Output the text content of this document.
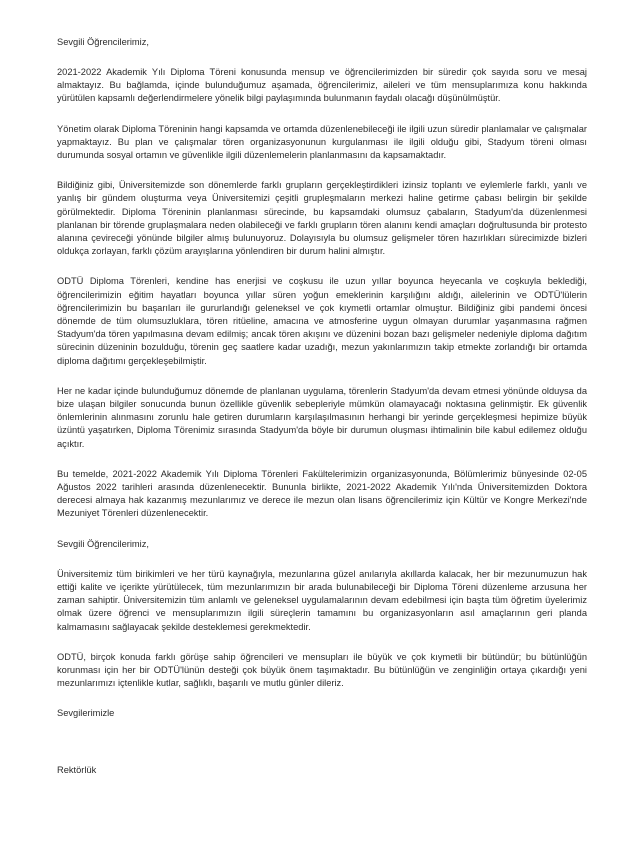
Sevgili Öğrencilerimiz,

2021-2022 Akademik Yılı Diploma Töreni konusunda mensup ve öğrencilerimizden bir süredir çok sayıda soru ve mesaj almaktayız. Bu bağlamda, içinde bulunduğumuz aşamada, öğrencilerimiz, aileleri ve tüm mensuplarımıza konu hakkında yürütülen kapsamlı değerlendirmelere yönelik bilgi paylaşımında bulunmanın faydalı olacağı düşünülmüştür.

Yönetim olarak Diploma Töreninin hangi kapsamda ve ortamda düzenlenebileceği ile ilgili uzun süredir planlamalar ve çalışmalar yapmaktayız. Bu plan ve çalışmalar tören organizasyonunun kurgulanması ile ilgili olduğu gibi, Stadyum töreni olması durumunda sosyal ortamın ve güvenlikle ilgili düzenlemelerin planlanmasını da kapsamaktadır.

Bildiğiniz gibi, Üniversitemizde son dönemlerde farklı grupların gerçekleştirdikleri izinsiz toplantı ve eylemlerle farklı, yanlı ve yanlış bir gündem oluşturma veya Üniversitemizi çeşitli grupleşmaların merkezi haline getirme çabası belirgin bir şekilde görülmektedir. Diploma Töreninin planlanması sürecinde, bu kapsamdaki olumsuz çabaların, Stadyum'da düzenlenmesi planlanan bir törende gruplaşmalara neden olabileceği ve farklı grupların tören alanını kendi amaçları doğrultusunda bir protesto alanına çevireceği yönünde bilgiler almış bulunuyoruz. Dolayısıyla bu olumsuz gelişmeler tören hazırlıkları sürecimizde bizleri oldukça zorlayan, farklı çözüm arayışlarına yönlendiren bir durum halini almıştır.

ODTÜ Diploma Törenleri, kendine has enerjisi ve coşkusu ile uzun yıllar boyunca heyecanla ve coşkuyla beklediği, öğrencilerimizin eğitim hayatları boyunca yıllar süren yoğun emeklerinin karşılığını aldığı, ailelerinin ve ODTÜ'lülerin öğrencilerimizin bu başarıları ile gururlandığı geleneksel ve çok kıymetli ortamlar olmuştur. Bildiğiniz gibi pandemi öncesi dönemde de tüm olumsuzluklara, tören ritüeline, amacına ve atmosferine uygun olmayan durumlar yaşanmasına rağmen Stadyum'da tören yapılmasına devam edilmiş; ancak tören akışını ve düzenini bozan bazı gelişmeler nedeniyle diploma dağıtım sürecinin düzeninin bozulduğu, törenin geç saatlere kadar uzadığı, mezun yakınlarımızın takip etmekte zorlandığı bir ortamda diploma dağıtımı gerçekleşebilmiştir.

Her ne kadar içinde bulunduğumuz dönemde de planlanan uygulama, törenlerin Stadyum'da devam etmesi yönünde olduysa da bize ulaşan bilgiler sonucunda bunun özellikle güvenlik sebepleriyle mümkün olamayacağı noktasına gelinmiştir. Ek güvenlik önlemlerinin alınmasını zorunlu hale getiren durumların karşılaşılmasının herhangi bir yerinde gerçekleşmesi hepimize büyük üzüntü yaşatırken, Diploma Törenimiz sırasında Stadyum'da böyle bir durumun oluşması ihtimalinin bile kabul edilemez olduğu açıktır.

Bu temelde, 2021-2022 Akademik Yılı Diploma Törenleri Fakültelerimizin organizasyonunda, Bölümlerimiz bünyesinde 02-05 Ağustos 2022 tarihleri arasında düzenlenecektir. Bununla birlikte, 2021-2022 Akademik Yılı'nda Üniversitemizden Doktora derecesi almaya hak kazanmış mezunlarımız ve derece ile mezun olan lisans öğrencilerimiz için Kültür ve Kongre Merkezi'nde Mezuniyet Törenleri düzenlenecektir.

Sevgili Öğrencilerimiz,

Üniversitemiz tüm birikimleri ve her türü kaynağıyla, mezunlarına güzel anılarıyla akıllarda kalacak, her bir mezunumuzun hak ettiği kalite ve içerikte yürütülecek, tüm mezunlarımızın bir arada bulunabileceği bir Diploma Töreni düzenleme arzusuna her zaman sahiptir. Üniversitemizin tüm anlamlı ve geleneksel uygulamalarının devam edebilmesi için başta tüm öğretim üyelerimiz olmak üzere öğrenci ve mensuplarımızın ilgili süreçlerin tamamını bu organizasyonların asıl amaçlarının geri planda kalmamasını sağlayacak şekilde desteklemesi gerekmektedir.

ODTÜ, birçok konuda farklı görüşe sahip öğrencileri ve mensupları ile büyük ve çok kıymetli bir bütündür; bu bütünlüğün korunması için her bir ODTÜ'lünün desteği çok büyük önem taşımaktadır. Bu bütünlüğün ve zenginliğin ortaya çıkardığı yeni mezunlarımızı içtenlikle kutlar, sağlıklı, başarılı ve mutlu günler dileriz.

Sevgilerimizle

Rektörlük
